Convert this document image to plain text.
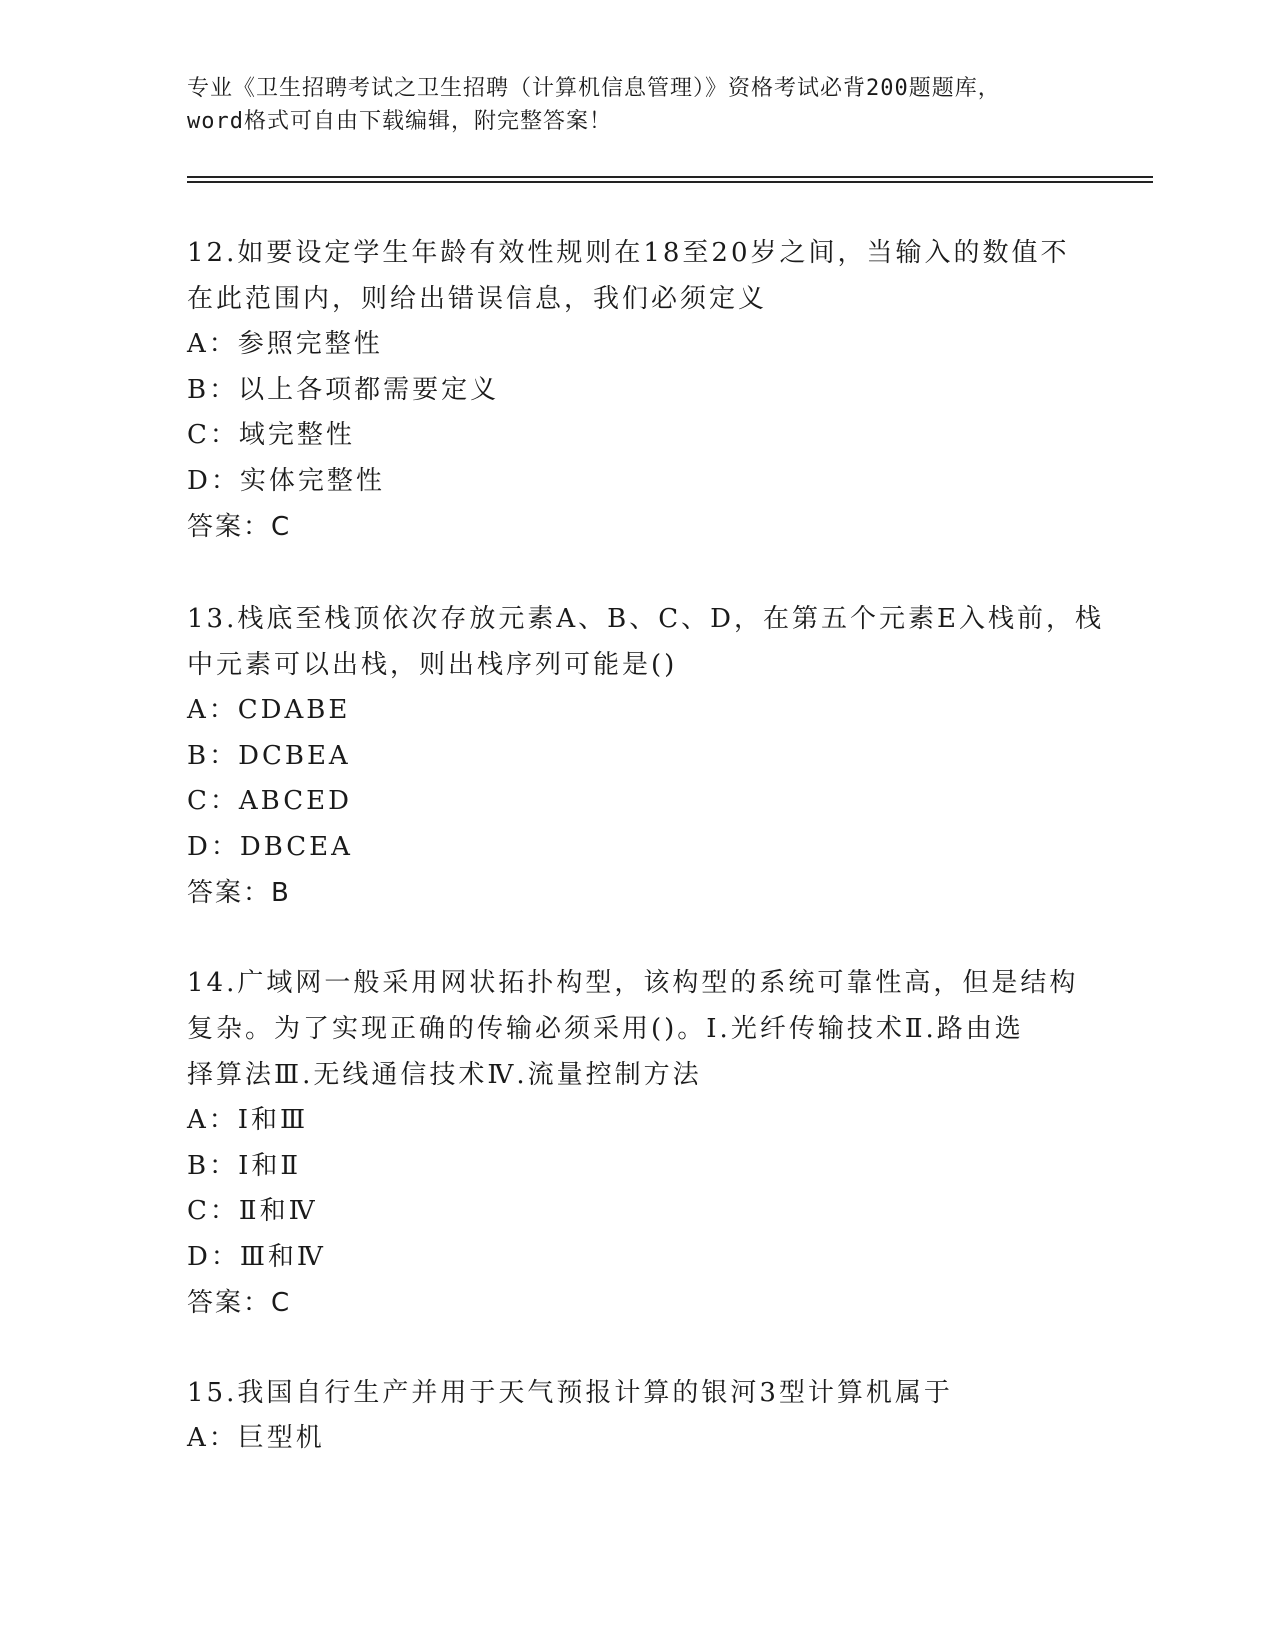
专业《卫生招聘考试之卫生招聘（计算机信息管理）》资格考试必背200题题库，
word格式可自由下载编辑，附完整答案！

12.如要设定学生年龄有效性规则在18至20岁之间，当输入的数值不
在此范围内，则给出错误信息，我们必须定义

A：参照完整性

B：以上各项都需要定义

C：域完整性

D：实体完整性

答案：C

13.栈底至栈顶依次存放元素A、B、C、D，在第五个元素E入栈前，栈
中元素可以出栈，则出栈序列可能是()

A：CDABE

B：DCBEA

C：ABCED

D：DBCEA

答案：B

14.广域网一般采用网状拓扑构型，该构型的系统可靠性高，但是结构
复杂。为了实现正确的传输必须采用()。Ⅰ.光纤传输技术Ⅱ.路由选
择算法Ⅲ.无线通信技术Ⅳ.流量控制方法

A：Ⅰ和Ⅲ

B：Ⅰ和Ⅱ

C：Ⅱ和Ⅳ

D：Ⅲ和Ⅳ

答案：C

15.我国自行生产并用于天气预报计算的银河3型计算机属于

A：巨型机
